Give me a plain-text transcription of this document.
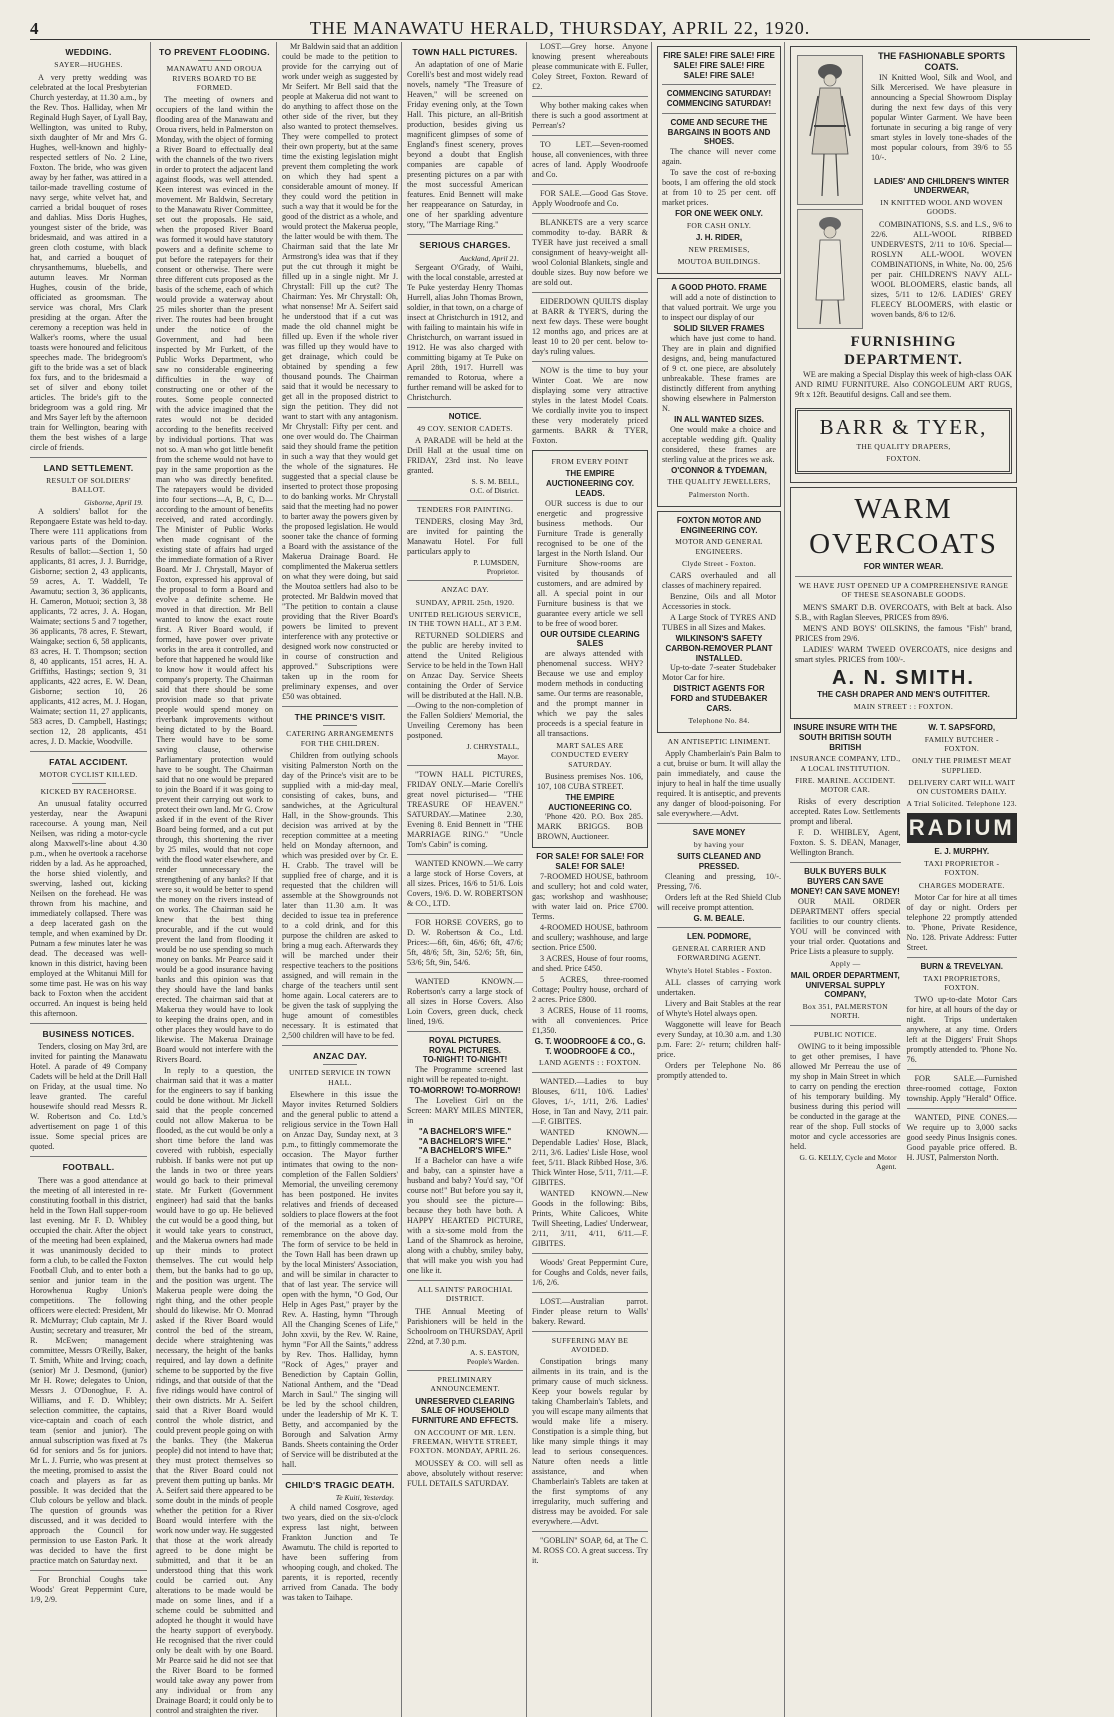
4	THE MANAWATU HERALD, THURSDAY, APRIL 22, 1920.
WEDDING.
SAYER—HUGHES.

A very pretty wedding was celebrated at the local Presbyterian Church yesterday, at 11.30 a.m., by the Rev. Thos. Halliday, when Mr Reginald Hugh Sayer, of Lyall Bay, Wellington, was united to Ruby, sixth daughter of Mr and Mrs G. Hughes, well-known and highly-respected settlers of No. 2 Line, Foxton. The bride, who was given away by her father, was attired in a tailor-made travelling costume of navy serge, white velvet hat, and carried a bridal bouquet of roses and dahlias. Miss Doris Hughes, youngest sister of the bride, was bridesmaid, and was attired in a green cloth costume, with black hat, and carried a bouquet of chrysanthemums, bluebells, and autumn leaves. Mr Norman Hughes, cousin of the bride, officiated as groomsman. The service was choral, Mrs Clark presiding at the organ. After the ceremony a reception was held in Walker's rooms, where the usual toasts were honoured and felicitous speeches made. The bridegroom's gift to the bride was a set of black fox furs, and to the bridesmaid a set of silver and ebony toilet articles. The bride's gift to the bridegroom was a gold ring. Mr and Mrs Sayer left by the afternoon train for Wellington, bearing with them the best wishes of a large circle of friends.

LAND SETTLEMENT.
RESULT OF SOLDIERS' BALLOT.
Gisborne, April 19.

A soldiers' ballot for the Repongaere Estate was held to-day. There were 111 applications from various parts of the Dominion. Results of ballot:—Section 1, 50 applicants, 81 acres, J. J. Burridge, Gisborne; section 2, 43 applicants, 59 acres, A. T. Waddell, Te Awamutu; section 3, 36 applicants, H. Cameron, Motuoi; section 3, 38 applicants, 72 acres, J. A. Hogan, Waimate; sections 5 and 7 together, 36 applicants, 78 acres, F. Stewart, Waingake; section 6, 58 applicants, 83 acres, H. T. Thompson; section 8, 40 applicants, 151 acres, H. A. Griffiths, Hastings; section 9, 31 applicants, 422 acres, E. W. Dean, Gisborne; section 10, 26 applicants, 412 acres, M. J. Hogan, Waimate; section 11, 27 applicants, 583 acres, D. Campbell, Hastings; section 12, 28 applicants, 451 acres, J. D. Mackie, Woodville.

FATAL ACCIDENT.
MOTOR CYCLIST KILLED.
KICKED BY RACEHORSE.

An unusual fatality occurred yesterday, near the Awapuni racecourse. A young man, Neil Neilsen, was riding a motor-cycle along Maxwell's-line about 4.30 p.m., when he overtook a racehorse ridden by a lad. As he approached, the horse shied violently, and swerving, lashed out, kicking Neilsen on the forehead. He was thrown from his machine, and immediately collapsed. There was a deep lacerated gash on the temple, and when examined by Dr. Putnam a few minutes later he was dead. The deceased was well-known in this district, having been employed at the Whitanui Mill for some time past. He was on his way back to Foxton when the accident occurred. An inquest is being held this afternoon.

BUSINESS NOTICES.

Tenders, closing on May 3rd, are invited for painting the Manawatu Hotel. A parade of 49 Company Cadets will be held at the Drill Hall on Friday, at the usual time. No leave granted. The careful housewife should read Messrs R. W. Robertson and Co. Ltd.'s advertisement on page 1 of this issue. Some special prices are quoted.

FOOTBALL.

There was a good attendance at the meeting of all interested in re-constituting football in this district, held in the Town Hall supper-room last evening. Mr F. D. Whibley occupied the chair. After the object of the meeting had been explained, it was unanimously decided to form a club, to be called the Foxton Football Club, and to enter both a senior and junior team in the Horowhenua Rugby Union's competitions. The following officers were elected: President, Mr R. McMurray; Club captain, Mr J. Austin; secretary and treasurer, Mr R. McEwen; management committee, Messrs O'Reilly, Baker, T. Smith, White and Irving; coach, (senior) Mr J. Desmond, (junior) Mr H. Rowe; delegates to Union, Messrs J. O'Donoghue, F. A. Williams, and F. D. Whibley; selection committee, the captains, vice-captain and coach of each team (senior and junior). The annual subscription was fixed at 7s 6d for seniors and 5s for juniors. Mr L. J. Furrie, who was present at the meeting, promised to assist the coach and players as far as possible. It was decided that the Club colours be yellow and black. The question of grounds was discussed, and it was decided to approach the Council for permission to use Easton Park. It was decided to have the first practice match on Saturday next.

For Bronchial Coughs take Woods' Great Peppermint Cure, 1/9, 2/9.

TO PREVENT FLOODING.
MANAWATU AND OROUA RIVERS BOARD TO BE FORMED.

The meeting of owners and occupiers of the land within the flooding area of the Manawatu and Oroua rivers, held in Palmerston on Monday, with the object of forming a River Board to effectually deal with the channels of the two rivers in order to protect the adjacent land against floods, was well attended. Keen interest was evinced in the movement. Mr Baldwin, Secretary to the Manawatu River Committee, set out the proposals. He said, when the proposed River Board was formed it would have statutory powers and a definite scheme to put before the ratepayers for their consent or otherwise. There were three different cuts proposed as the basis of the scheme, each of which would provide a waterway about 25 miles shorter than the present river. The routes had been brought under the notice of the Government, and had been inspected by Mr Furkett, of the Public Works Department, who saw no considerable engineering difficulties in the way of constructing one or other of the routes. Some people connected with the advice imagined that the rates would not be decided according to the benefits received by individual portions. That was not so. A man who got little benefit from the scheme would not have to pay in the same proportion as the man who was directly benefited. The ratepayers would be divided into four sections—A, B, C, D—according to the amount of benefits received, and rated accordingly. The Minister of Public Works when made cognisant of the existing state of affairs had urged the immediate formation of a River Board. Mr J. Chrystall, Mayor of Foxton, expressed his approval of the proposal to form a Board and evolve a definite scheme. He moved in that direction. Mr Bell wanted to know the exact route first. A River Board would, if formed, have power over private works in the area it controlled, and before that happened he would like to know how it would affect his company's property. The Chairman said that there should be some provision made so that private people would spend money on riverbank improvements without being dictated to by the Board. There would have to be some saving clause, otherwise Parliamentary protection would have to be sought. The Chairman said that no one would be prepared to join the Board if it was going to prevent their carrying out work to protect their own land. Mr G. Crow asked if in the event of the River Board being formed, and a cut put through, this shortening the river by 25 miles, would that not cope with the flood water elsewhere, and render unnecessary the strengthening of any banks? If that were so, it would be better to spend the money on the rivers instead of on works. The Chairman said he knew that the best thing procurable, and if the cut would prevent the land from flooding it would be no use spending so much money on banks. Mr Pearce said it would be a good insurance having banks and this opinion was that they should have the land banks erected. The chairman said that at Makerua they would have to look to keeping the drains open, and in other places they would have to do likewise. The Makerua Drainage Board would not interfere with the Rivers Board.

In reply to a question, the chairman said that it was a matter for the engineers to say if banking could be done without. Mr Jickell said that the people concerned could not allow Makerua to be flooded, as the cut would be only a short time before the land was covered with rubbish, especially rubbish. If banks were not put up the lands in two or three years would go back to their primeval state. Mr Furkett (Government engineer) had said that the banks would have to go up. He believed the cut would be a good thing, but it would take years to construct, and the Makerua owners had made up their minds to protect themselves. The cut would help them, but the banks had to go up, and the position was urgent. The Makerua people were doing the right thing, and the other people should do likewise. Mr O. Monrad asked if the River Board would control the bed of the stream, decide where straightening was necessary, the height of the banks required, and lay down a definite scheme to be supported by the five ridings, and that outside of that the five ridings would have control of their own districts. Mr A. Seifert said that a River Board would control the whole district, and could prevent people going on with the banks. They (the Makerua people) did not intend to have that; they must protect themselves so that the River Board could not prevent them putting up banks. Mr A. Seifert said there appeared to be some doubt in the minds of people whether the petition for a River Board would interfere with the work now under way. He suggested that those at the work already agreed to be done might be submitted, and that it be an understood thing that this work could be carried out. Any alterations to be made would be made on some lines, and if a scheme could be submitted and adopted he thought it would have the hearty support of everybody. He recognised that the river could only be dealt with by one Board. Mr Pearce said he did not see that the River Board to be formed would take away any power from any individual or from any Drainage Board; it could only be to control and straighten the river.

Mr Baldwin said that an addition could be made to the petition to provide for the carrying out of work under weigh as suggested by Mr Seifert. Mr Bell said that the people at Makerua did not want to do anything to affect those on the other side of the river, but they also wanted to protect themselves. They were compelled to protect their own property, but at the same time the existing legislation might prevent them completing the work on which they had spent a considerable amount of money. If they could word the petition in such a way that it would be for the good of the district as a whole, and would protect the Makerua people, the latter would be with them. The Chairman said that the late Mr Armstrong's idea was that if they put the cut through it might be filled up in a single night. Mr J. Chrystall: Fill up the cut? The Chairman: Yes. Mr Chrystall: Oh, what nonsense! Mr A. Seifert said he understood that if a cut was made the old channel might be filled up. Even if the whole river was filled up they would have to get drainage, which could be obtained by spending a few thousand pounds. The Chairman said that it would be necessary to get all in the proposed district to sign the petition. They did not want to start with any antagonism. Mr Chrystall: Fifty per cent. and one over would do. The Chairman said they should frame the petition in such a way that they would get the whole of the signatures. He suggested that a special clause be inserted to protect those proposing to do banking works. Mr Chrystall said that the meeting had no power to barter away the powers given by the proposed legislation. He would sooner take the chance of forming a Board with the assistance of the Makerua Drainage Board. He complimented the Makerua settlers on what they were doing, but said the Moutoa settlers had also to be protected. Mr Baldwin moved that "The petition to contain a clause providing that the River Board's powers be limited to prevent interference with any protective or designed work now constructed or in course of construction and approved." Subscriptions were taken up in the room for preliminary expenses, and over £50 was obtained.

THE PRINCE'S VISIT.
CATERING ARRANGEMENTS FOR THE CHILDREN.

Children from outlying schools visiting Palmerston North on the day of the Prince's visit are to be supplied with a mid-day meal, consisting of cakes, buns, and sandwiches, at the Agricultural Hall, in the Show-grounds. This decision was arrived at by the reception committee at a meeting held on Monday afternoon, and which was presided over by Cr. E. H. Crabb. The travel will be supplied free of charge, and it is requested that the children will assemble at the Showgrounds not later than 11.30 a.m. It was decided to issue tea in preference to a cold drink, and for this purpose the children are asked to bring a mug each. Afterwards they will be marched under their respective teachers to the positions assigned, and will remain in the charge of the teachers until sent home again. Local caterers are to be given the task of supplying the huge amount of comestibles necessary. It is estimated that 2,500 children will have to be fed.

ANZAC DAY.
UNITED SERVICE IN TOWN HALL.

Elsewhere in this issue the Mayor invites Returned Soldiers and the general public to attend a religious service in the Town Hall on Anzac Day, Sunday next, at 3 p.m., to fittingly commemorate the occasion. The Mayor further intimates that owing to the non-completion of the Fallen Soldiers' Memorial, the unveiling ceremony has been postponed. He invites relatives and friends of deceased soldiers to place flowers at the foot of the memorial as a token of remembrance on the above day. The form of service to be held in the Town Hall has been drawn up by the local Ministers' Association, and will be similar in character to that of last year. The service will open with the hymn, "O God, Our Help in Ages Past," prayer by the Rev. A. Hasting, hymn "Through All the Changing Scenes of Life," John xxvii, by the Rev. W. Raine, hymn "For All the Saints," address by Rev. Thos. Halliday, hymn "Rock of Ages," prayer and Benediction by Captain Gollin, National Anthem, and the "Dead March in Saul." The singing will be led by the school children, under the leadership of Mr K. T. Betty, and accompanied by the Borough and Salvation Army Bands. Sheets containing the Order of Service will be distributed at the hall.

CHILD'S TRAGIC DEATH.
Te Kuiti, Yesterday.

A child named Cosgrove, aged two years, died on the six-o'clock express last night, between Frankton Junction and Te Awamutu. The child is reported to have been suffering from whooping cough, and choked. The parents, it is reported, recently arrived from Canada. The body was taken to Taihape.

TOWN HALL PICTURES.

An adaptation of one of Marie Corelli's best and most widely read novels, namely "The Treasure of Heaven," will be screened on Friday evening only, at the Town Hall. This picture, an all-British production, besides giving us magnificent glimpses of some of England's finest scenery, proves beyond a doubt that English companies are capable of presenting pictures on a par with the most successful American features. Enid Bennett will make her reappearance on Saturday, in one of her sparkling adventure story, "The Marriage Ring."

SERIOUS CHARGES.
Auckland, April 21.

Sergeant O'Grady, of Waihi, with the local constable, arrested at Te Puke yesterday Henry Thomas Hurrell, alias John Thomas Brown, soldier, in that town, on a charge of insect at Christchurch in 1912, and with failing to maintain his wife in Christchurch, on warrant issued in 1912. He was also charged with committing bigamy at Te Puke on April 28th, 1917. Hurrell was remanded to Rotorua, where a further remand will be asked for to Christchurch.

NOTICE.
49 COY. SENIOR CADETS.

A PARADE will be held at the Drill Hall at the usual time on FRIDAY, 23rd inst. No leave granted.

S. S. M. BELL,
O.C. of District.
TENDERS FOR PAINTING.

TENDERS, closing May 3rd, are invited for painting the Manawatu Hotel. For full particulars apply to

P. LUMSDEN,
Proprietor.
ANZAC DAY.
SUNDAY, APRIL 25th, 1920.
UNITED RELIGIOUS SERVICE, IN THE TOWN HALL, AT 3 P.M.

RETURNED SOLDIERS and the public are hereby invited to attend the United Religious Service to be held in the Town Hall on Anzac Day. Service Sheets containing the Order of Service will be distributed at the Hall. N.B.—Owing to the non-completion of the Fallen Soldiers' Memorial, the Unveiling Ceremony has been postponed.

J. CHRYSTALL,
Mayor.

"TOWN HALL PICTURES, FRIDAY ONLY.—Marie Corelli's great novel picturised— "THE TREASURE OF HEAVEN." SATURDAY.—Matinee 2.30, Evening 8. Enid Bennett in "THE MARRIAGE RING." "Uncle Tom's Cabin" is coming.

WANTED KNOWN.—We carry a large stock of Horse Covers, at all sizes. Prices, 16/6 to 51/6. Lois Covers, 19/6. D. W. ROBERTSON & CO., LTD.

FOR HORSE COVERS, go to D. W. Robertson & Co., Ltd. Prices:—6ft, 6in, 46/6; 6ft, 47/6; 5ft, 48/6; 5ft, 3in, 52/6; 5ft, 6in, 53/6; 5ft, 9in, 54/6.

WANTED KNOWN.—Robertson's carry a large stock of all sizes in Horse Covers. Also Loin Covers, green duck, check lined, 19/6.

ROYAL PICTURES.
ROYAL PICTURES.
TO-NIGHT! TO-NIGHT!

The Programme screened last night will be repeated to-night.

TO-MORROW! TO-MORROW!

The Loveliest Girl on the Screen: MARY MILES MINTER, in

"A BACHELOR'S WIFE."
"A BACHELOR'S WIFE."
"A BACHELOR'S WIFE."

If a Bachelor can have a wife and baby, can a spinster have a husband and baby? You'd say, "Of course not!" But before you say it, you should see the picture—because they both have both. A HAPPY HEARTED PICTURE, with a six-some mold from the Land of the Shamrock as heroine, along with a chubby, smiley baby, that will make you wish you had one like it.

ALL SAINTS' PAROCHIAL DISTRICT.

THE Annual Meeting of Parishioners will be held in the Schoolroom on THURSDAY, April 22nd, at 7.30 p.m.

A. S. EASTON,
People's Warden.
PRELIMINARY ANNOUNCEMENT.
UNRESERVED CLEARING SALE OF HOUSEHOLD FURNITURE AND EFFECTS.
ON ACCOUNT OF MR. LEN. FREEMAN, WHYTE STREET, FOXTON. MONDAY, APRIL 26.

MOUSSEY & CO. will sell as above, absolutely without reserve: FULL DETAILS SATURDAY.

LOST.—Grey horse. Anyone knowing present whereabouts please communicate with E. Fuller, Coley Street, Foxton. Reward of £2.

Why bother making cakes when there is such a good assortment at Perrean's?

TO LET.—Seven-roomed house, all conveniences, with three acres of land. Apply Woodroofe and Co.

FOR SALE.—Good Gas Stove. Apply Woodroofe and Co.

BLANKETS are a very scarce commodity to-day. BARR & TYER have just received a small consignment of heavy-weight all-wool Colonial Blankets, single and double sizes. Buy now before we are sold out.

EIDERDOWN QUILTS display at BARR & TYER'S, during the next few days. These were bought 12 months ago, and prices are at least 10 to 20 per cent. below to-day's ruling values.

NOW is the time to buy your Winter Coat. We are now displaying some very attractive styles in the latest Model Coats. We cordially invite you to inspect these very moderately priced garments. BARR & TYER, Foxton.

FROM EVERY POINT
THE EMPIRE AUCTIONEERING COY. LEADS.

OUR success is due to our energetic and progressive business methods. Our Furniture Trade is generally recognised to be one of the largest in the North Island. Our Furniture Show-rooms are visited by thousands of customers, and are admired by all. A special point in our Furniture business is that we guarantee every article we sell to be free of wood borer.

OUR OUTSIDE CLEARING SALES

are always attended with phenomenal success. WHY? Because we use and employ modern methods in conducting same. Our terms are reasonable, and the prompt manner in which we pay the sales proceeds is a special feature in all transactions.

MART SALES ARE CONDUCTED EVERY SATURDAY.

Business premises Nos. 106, 107, 108 CUBA STREET.

THE EMPIRE AUCTIONEERING CO.

'Phone 420. P.O. Box 285. MARK BRIGGS. BOB BROWN, Auctioneer.

FOR SALE! FOR SALE! FOR SALE! FOR SALE!

7-ROOMED HOUSE, bathroom and scullery; hot and cold water, gas; workshop and washhouse; with water laid on. Price £700. Terms.

4-ROOMED HOUSE, bathroom and scullery; washhouse, and large section. Price £500.

3 ACRES, House of four rooms, and shed. Price £450.

5 ACRES, three-roomed Cottage; Poultry house, orchard of 2 acres. Price £800.

3 ACRES, House of 11 rooms, with all conveniences. Price £1,350.

G. T. WOODROOFE & CO., G. T. WOODROOFE & CO.,
LAND AGENTS : : FOXTON.

WANTED.—Ladies to buy Blouses, 6/11, 10/6. Ladies' Gloves, 1/-, 1/11, 2/6. Ladies' Hose, in Tan and Navy, 2/11 pair.—F. GIBITES.

WANTED KNOWN.—Dependable Ladies' Hose, Black, 2/11, 3/6. Ladies' Lisle Hose, wool feet, 5/11. Black Ribbed Hose, 3/6. Thick Winter Hose, 5/11, 7/11.—F. GIBITES.

WANTED KNOWN.—New Goods in the following: Bibs, Prints, White Calicoes, White Twill Sheeting, Ladies' Underwear, 2/11, 3/11, 4/11, 6/11.—F. GIBITES.

Woods' Great Peppermint Cure, for Coughs and Colds, never fails, 1/6, 2/6.

LOST.—Australian parrot. Finder please return to Walls' bakery. Reward.

SUFFERING MAY BE AVOIDED.

Constipation brings many ailments in its train, and is the primary cause of much sickness. Keep your bowels regular by taking Chamberlain's Tablets, and you will escape many ailments that would make life a misery. Constipation is a simple thing, but like many simple things it may lead to serious consequences. Nature often needs a little assistance, and when Chamberlain's Tablets are taken at the first symptoms of any irregularity, much suffering and distress may be avoided. For sale everywhere.—Advt.

"GOBLIN" SOAP, 6d, at The C. M. ROSS CO. A great success. Try it.

FIRE SALE! FIRE SALE! FIRE SALE! FIRE SALE! FIRE SALE! FIRE SALE!
COMMENCING SATURDAY! COMMENCING SATURDAY!
COME AND SECURE THE BARGAINS IN BOOTS AND SHOES.

The chance will never come again.

To save the cost of re-boxing boots, I am offering the old stock at from 10 to 25 per cent. off market prices.

FOR ONE WEEK ONLY.
FOR CASH ONLY.
J. H. RIDER,
NEW PREMISES,
MOUTOA BUILDINGS.
A GOOD PHOTO. FRAME

will add a note of distinction to that valued portrait. We urge you to inspect our display of our

SOLID SILVER FRAMES

which have just come to hand. They are in plain and dignified designs, and, being manufactured of 9 ct. one piece, are absolutely unbreakable. These frames are distinctly different from anything showing elsewhere in Palmerston N.

IN ALL WANTED SIZES.

One would make a choice and acceptable wedding gift. Quality considered, these frames are sterling value at the prices we ask.

O'CONNOR & TYDEMAN,
THE QUALITY JEWELLERS,
Palmerston North.
FOXTON MOTOR AND ENGINEERING COY.
MOTOR AND GENERAL ENGINEERS.
Clyde Street - Foxton.

CARS overhauled and all classes of machinery repaired.

Benzine, Oils and all Motor Accessories in stock.

A Large Stock of TYRES AND TUBES in all Sizes and Makes.

WILKINSON'S SAFETY CARBON-REMOVER PLANT INSTALLED.

Up-to-date 7-seater Studebaker Motor Car for hire.

DISTRICT AGENTS FOR FORD and STUDEBAKER CARS.
Telephone No. 84.
AN ANTISEPTIC LINIMENT.

Apply Chamberlain's Pain Balm to a cut, bruise or burn. It will allay the pain immediately, and cause the injury to heal in half the time usually required. It is antiseptic, and prevents any danger of blood-poisoning. For sale everywhere.—Advt.

SAVE MONEY
by having your
SUITS CLEANED AND PRESSED.

Cleaning and pressing, 10/-. Pressing, 7/6.

Orders left at the Red Shield Club will receive prompt attention.

G. M. BEALE.
LEN. PODMORE,
GENERAL CARRIER AND FORWARDING AGENT.
Whyte's Hotel Stables - Foxton.

ALL classes of carrying work undertaken.

Livery and Bait Stables at the rear of Whyte's Hotel always open.

Waggonette will leave for Beach every Sunday, at 10.30 a.m. and 1.30 p.m. Fare: 2/- return; children half-price.

Orders per Telephone No. 86 promptly attended to.

THE FASHIONABLE SPORTS COATS.

IN Knitted Wool, Silk and Wool, and Silk Mercerised. We have pleasure in announcing a Special Showroom Display during the next few days of this very popular Winter Garment. We have been fortunate in securing a big range of very smart styles in lovely tone-shades of the most popular colours, from 39/6 to 55 10/-.

LADIES' AND CHILDREN'S WINTER UNDERWEAR,
IN KNITTED WOOL AND WOVEN GOODS.

COMBINATIONS, S.S. and L.S., 9/6 to 22/6. ALL-WOOL RIBBED UNDERVESTS, 2/11 to 10/6. Special—ROSLYN ALL-WOOL WOVEN COMBINATIONS, in White, No. 00, 25/6 per pair. CHILDREN'S NAVY ALL-WOOL BLOOMERS, elastic bands, all sizes, 5/11 to 12/6. LADIES' GREY FLEECY BLOOMERS, with elastic or woven bands, 8/6 to 12/6.

FURNISHING DEPARTMENT.

WE are making a Special Display this week of high-class OAK AND RIMU FURNITURE. Also CONGOLEUM ART RUGS, 9ft x 12ft. Beautiful designs. Call and see them.

BARR & TYER,
THE QUALITY DRAPERS,
FOXTON.
WARM
OVERCOATS
FOR WINTER WEAR.
WE HAVE JUST OPENED UP A COMPREHENSIVE RANGE OF THESE SEASONABLE GOODS.

MEN'S SMART D.B. OVERCOATS, with Belt at back. Also S.B., with Raglan Sleeves, PRICES from 89/6.

MEN'S AND BOYS' OILSKINS, the famous "Fish" brand, PRICES from 29/6.

LADIES' WARM TWEED OVERCOATS, nice designs and smart styles. PRICES from 100/-.

A. N. SMITH.
THE CASH DRAPER AND MEN'S OUTFITTER.
MAIN STREET : : FOXTON.
INSURE INSURE WITH THE SOUTH BRITISH SOUTH BRITISH
INSURANCE COMPANY, LTD., A LOCAL INSTITUTION.
FIRE. MARINE. ACCIDENT. MOTOR CAR.

Risks of every description accepted. Rates Low. Settlements prompt and liberal.

F. D. WHIBLEY, Agent, Foxton. S. S. DEAN, Manager, Wellington Branch.

BULK BUYERS BULK BUYERS CAN SAVE MONEY! CAN SAVE MONEY!

OUR MAIL ORDER DEPARTMENT offers special facilities to our country clients. YOU will be convinced with your trial order. Quotations and Price Lists a pleasure to supply.

Apply —
MAIL ORDER DEPARTMENT, UNIVERSAL SUPPLY COMPANY,
Box 351, PALMERSTON NORTH.
PUBLIC NOTICE.

OWING to it being impossible to get other premises, I have allowed Mr Perreau the use of my shop in Main Street in which to carry on pending the erection of his temporary building. My business during this period will be conducted in the garage at the rear of the shop. Full stocks of motor and cycle accessories are held.

G. G. KELLY, Cycle and Motor Agent.
W. T. SAPSFORD,
FAMILY BUTCHER - FOXTON.
ONLY THE PRIMEST MEAT SUPPLIED.
DELIVERY CART WILL WAIT ON CUSTOMERS DAILY.
A Trial Solicited. Telephone 123.
RADIUM
E. J. MURPHY.
TAXI PROPRIETOR - FOXTON.
CHARGES MODERATE.

Motor Car for hire at all times of day or night. Orders per telephone 22 promptly attended to. 'Phone, Private Residence, No. 128. Private Address: Futter Street.

BURN & TREVELYAN.
TAXI PROPRIETORS, FOXTON.

TWO up-to-date Motor Cars for hire, at all hours of the day or night. Trips undertaken anywhere, at any time. Orders left at the Diggers' Fruit Shops promptly attended to. 'Phone No. 76.

FOR SALE.—Furnished three-roomed cottage, Foxton township. Apply "Herald" Office.

WANTED, PINE CONES.—We require up to 3,000 sacks good seedy Pinus Insignis cones. Good payable price offered. B. H. JUST, Palmerston North.
